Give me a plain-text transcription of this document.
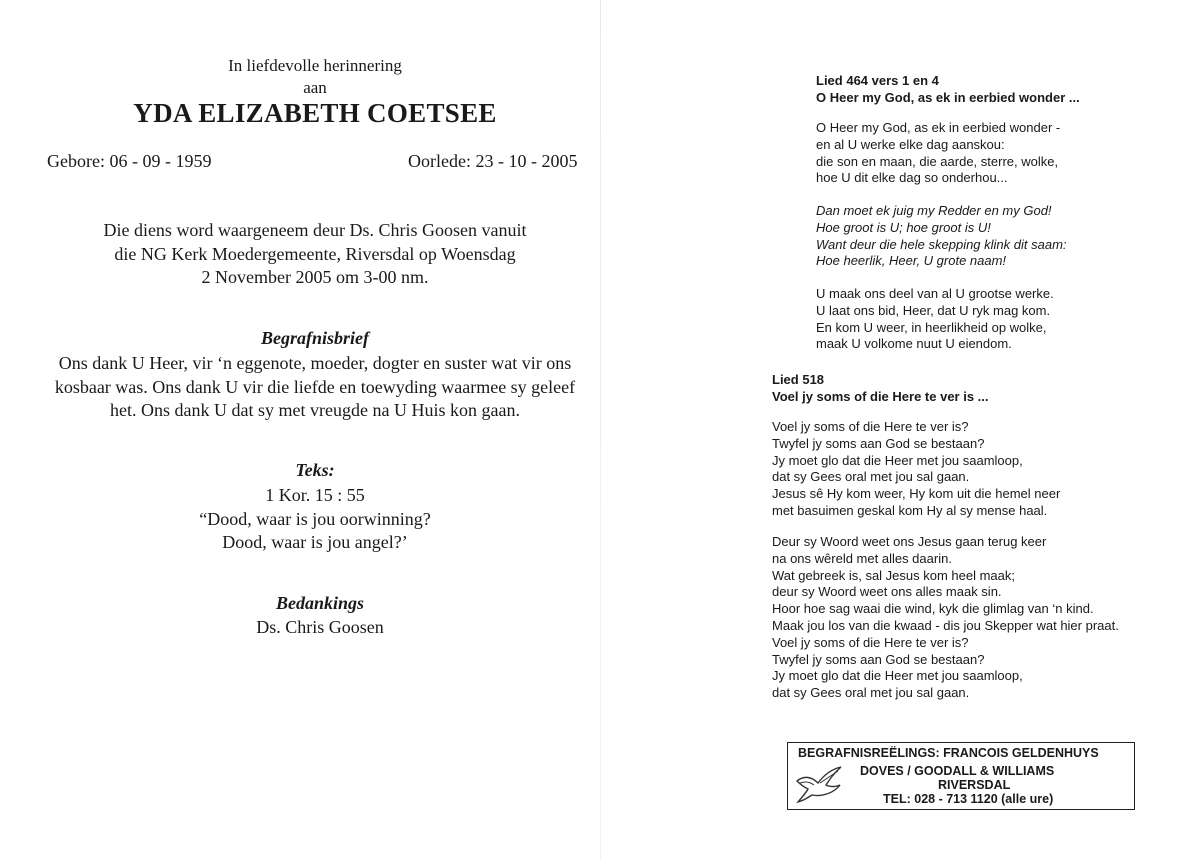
In liefdevolle herinnering
aan
YDA ELIZABETH COETSEE
Gebore: 06 - 09 - 1959	Oorlede: 23 - 10 - 2005
Die diens word waargeneem deur Ds. Chris Goosen vanuit
die NG Kerk Moedergemeente, Riversdal op Woensdag
2 November 2005 om 3-00 nm.
Begrafnisbrief
Ons dank U Heer, vir ‘n eggenote, moeder, dogter en suster wat vir ons
kosbaar was. Ons dank U vir die liefde en toewyding waarmee sy geleef
het. Ons dank U dat sy met vreugde na U Huis kon gaan.
Teks:
1 Kor. 15 : 55
“Dood, waar is jou oorwinning?
Dood, waar is jou angel?’
Bedankings
Ds. Chris Goosen
Lied 464 vers 1 en 4
O Heer my God, as ek in eerbied wonder ...
O Heer my God, as ek in eerbied wonder -
en al U werke elke dag aanskou:
die son en maan, die aarde, sterre, wolke,
hoe U dit elke dag so onderhou...
Dan moet ek juig my Redder en my God!
Hoe groot is U; hoe groot is U!
Want deur die hele skepping klink dit saam:
Hoe heerlik, Heer, U grote naam!
U maak ons deel van al U grootse werke.
U laat ons bid, Heer, dat U ryk mag kom.
En kom U weer, in heerlikheid op wolke,
maak U volkome nuut U eiendom.
Lied 518
Voel jy soms of die Here te ver is ...
Voel jy soms of die Here te ver is?
Twyfel jy soms aan God se bestaan?
Jy moet glo dat die Heer met jou saamloop,
dat sy Gees oral met jou sal gaan.
Jesus sê Hy kom weer, Hy kom uit die hemel neer
met basuimen geskal kom Hy al sy mense haal.
Deur sy Woord weet ons Jesus gaan terug keer
na ons wêreld met alles daarin.
Wat gebreek is, sal Jesus kom heel maak;
deur sy Woord weet ons alles maak sin.
Hoor hoe sag waai die wind, kyk die glimlag van ‘n kind.
Maak jou los van die kwaad - dis jou Skepper wat hier praat.
Voel jy soms of die Here te ver is?
Twyfel jy soms aan God se bestaan?
Jy moet glo dat die Heer met jou saamloop,
dat sy Gees oral met jou sal gaan.
BEGRAFNISREËLINGS: FRANCOIS GELDENHUYS
DOVES / GOODALL & WILLIAMS
RIVERSDAL
TEL: 028 - 713 1120 (alle ure)
